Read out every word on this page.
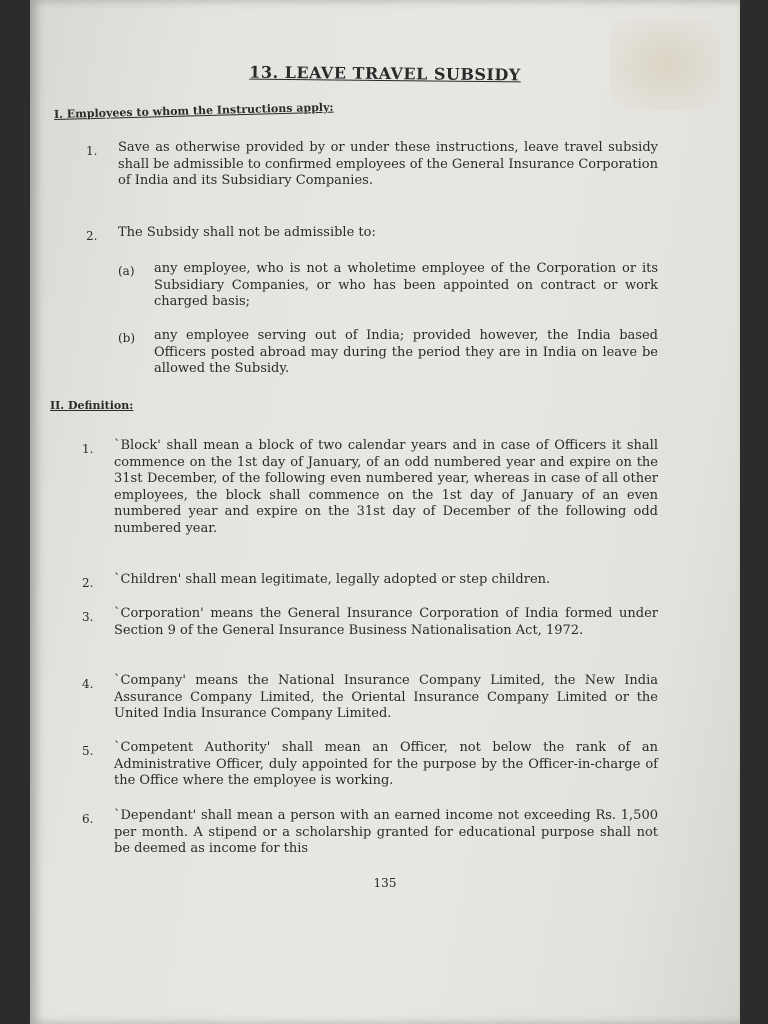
13. LEAVE TRAVEL SUBSIDY
I. Employees to whom the Instructions apply:
1. Save as otherwise provided by or under these instructions, leave travel subsidy shall be admissible to confirmed employees of the General Insurance Corporation of India and its Subsidiary Companies.
2. The Subsidy shall not be admissible to:
(a) any employee, who is not a wholetime employee of the Corporation or its Subsidiary Companies, or who has been appointed on contract or work charged basis;
(b) any employee serving out of India; provided however, the India based Officers posted abroad may during the period they are in India on leave be allowed the Subsidy.
II. Definition:
1. `Block' shall mean a block of two calendar years and in case of Officers it shall commence on the 1st day of January, of an odd numbered year and expire on the 31st December, of the following even numbered year, whereas in case of all other employees, the block shall commence on the 1st day of January of an even numbered year and expire on the 31st day of December of the following odd numbered year.
2. `Children' shall mean legitimate, legally adopted or step children.
3. `Corporation' means the General Insurance Corporation of India formed under Section 9 of the General Insurance Business Nationalisation Act, 1972.
4. `Company' means the National Insurance Company Limited, the New India Assurance Company Limited, the Oriental Insurance Company Limited or the United India Insurance Company Limited.
5. `Competent Authority' shall mean an Officer, not below the rank of an Administrative Officer, duly appointed for the purpose by the Officer-in-charge of the Office where the employee is working.
6. `Dependant' shall mean a person with an earned income not exceeding Rs. 1,500 per month. A stipend or a scholarship granted for educational purpose shall not be deemed as income for this
135
